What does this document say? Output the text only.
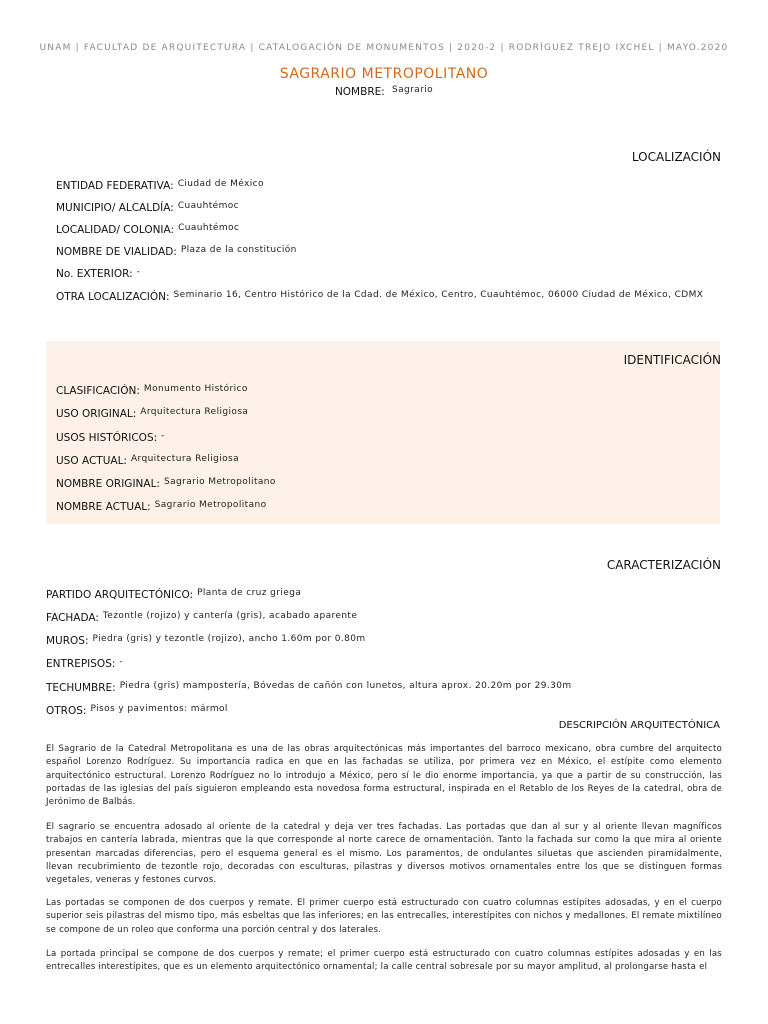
UNAM | FACULTAD DE ARQUITECTURA | CATALOGACIÓN DE MONUMENTOS | 2020-2 | RODRÍGUEZ TREJO IXCHEL | MAYO.2020
SAGRARIO METROPOLITANO
NOMBRE: Sagrario
LOCALIZACIÓN
ENTIDAD FEDERATIVA: Ciudad de México
MUNICIPIO/ ALCALDÍA: Cuauhtémoc
LOCALIDAD/ COLONIA: Cuauhtémoc
NOMBRE DE VIALIDAD: Plaza de la constitución
No. EXTERIOR: -
OTRA LOCALIZACIÓN: Seminario 16, Centro Histórico de la Cdad. de México, Centro, Cuauhtémoc, 06000 Ciudad de México, CDMX
IDENTIFICACIÓN
CLASIFICACIÓN: Monumento Histórico
USO ORIGINAL: Arquitectura Religiosa
USOS HISTÓRICOS: -
USO ACTUAL: Arquitectura Religiosa
NOMBRE ORIGINAL: Sagrario Metropolitano
NOMBRE ACTUAL: Sagrario Metropolitano
CARACTERIZACIÓN
PARTIDO ARQUITECTÓNICO: Planta de cruz griega
FACHADA: Tezontle (rojizo) y cantería (gris), acabado aparente
MUROS: Piedra (gris) y tezontle (rojizo), ancho 1.60m por 0.80m
ENTREPISOS: -
TECHUMBRE: Piedra (gris) mampostería, Bóvedas de cañón con lunetos, altura aprox. 20.20m por 29.30m
OTROS: Pisos y pavimentos: mármol
DESCRIPCIÓN ARQUITECTÓNICA
El Sagrario de la Catedral Metropolitana es una de las obras arquitectónicas más importantes del barroco mexicano, obra cumbre del arquitecto español Lorenzo Rodríguez. Su importancia radica en que en las fachadas se utiliza, por primera vez en México, el estípite como elemento arquitectónico estructural. Lorenzo Rodríguez no lo introdujo a México, pero sí le dio enorme importancia, ya que a partir de su construcción, las portadas de las iglesias del país siguieron empleando esta novedosa forma estructural, inspirada en el Retablo de los Reyes de la catedral, obra de Jerónimo de Balbás.
El sagrario se encuentra adosado al oriente de la catedral y deja ver tres fachadas. Las portadas que dan al sur y al oriente llevan magníficos trabajos en cantería labrada, mientras que la que corresponde al norte carece de ornamentación. Tanto la fachada sur como la que mira al oriente presentan marcadas diferencias, pero el esquema general es el mismo. Los paramentos, de ondulantes siluetas que ascienden piramidalmente, llevan recubrimiento de tezontle rojo, decoradas con esculturas, pilastras y diversos motivos ornamentales entre los que se distinguen formas vegetales, veneras y festones curvos.
Las portadas se componen de dos cuerpos y remate. El primer cuerpo está estructurado con cuatro columnas estípites adosadas, y en el cuerpo superior seis pilastras del mismo tipo, más esbeltas que las inferiores; en las entrecalles, interestípites con nichos y medallones. El remate mixtilíneo se compone de un roleo que conforma una porción central y dos laterales.
La portada principal se compone de dos cuerpos y remate; el primer cuerpo está estructurado con cuatro columnas estípites adosadas y en las entrecalles interestípites, que es un elemento arquitectónico ornamental; la calle central sobresale por su mayor amplitud, al prolongarse hasta el
